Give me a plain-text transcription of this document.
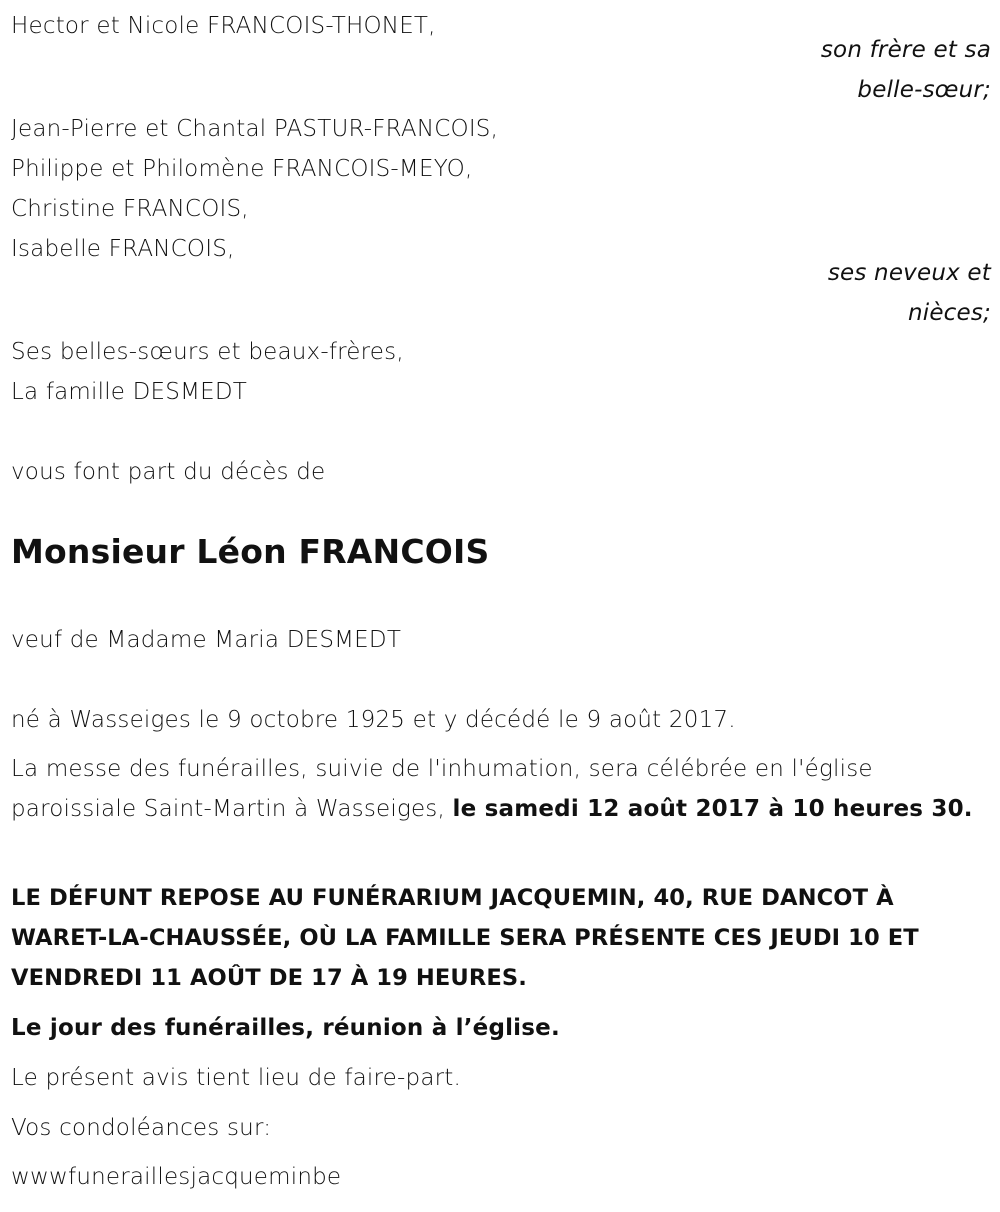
Hector et Nicole FRANCOIS-THONET,
son frère et sa
belle-sœur;
Jean-Pierre et Chantal PASTUR-FRANCOIS,
Philippe et Philomène FRANCOIS-MEYO,
Christine FRANCOIS,
Isabelle FRANCOIS,
ses neveux et
nièces;
Ses belles-sœurs et beaux-frères,
La famille DESMEDT
vous font part du décès de
Monsieur Léon FRANCOIS
veuf de Madame Maria DESMEDT
né à Wasseiges le 9 octobre 1925 et y décédé le 9 août 2017.
La messe des funérailles, suivie de l'inhumation, sera célébrée en l'église paroissiale Saint-Martin à Wasseiges, le samedi 12 août 2017 à 10 heures 30.
LE DÉFUNT REPOSE AU FUNÉRARIUM JACQUEMIN, 40, RUE DANCOT À WARET-LA-CHAUSSÉE, OÙ LA FAMILLE SERA PRÉSENTE CES JEUDI 10 ET VENDREDI 11 AOÛT DE 17 À 19 HEURES.
Le jour des funérailles, réunion à l’église.
Le présent avis tient lieu de faire-part.
Vos condoléances sur:
wwwfuneraillesjacqueminbe
